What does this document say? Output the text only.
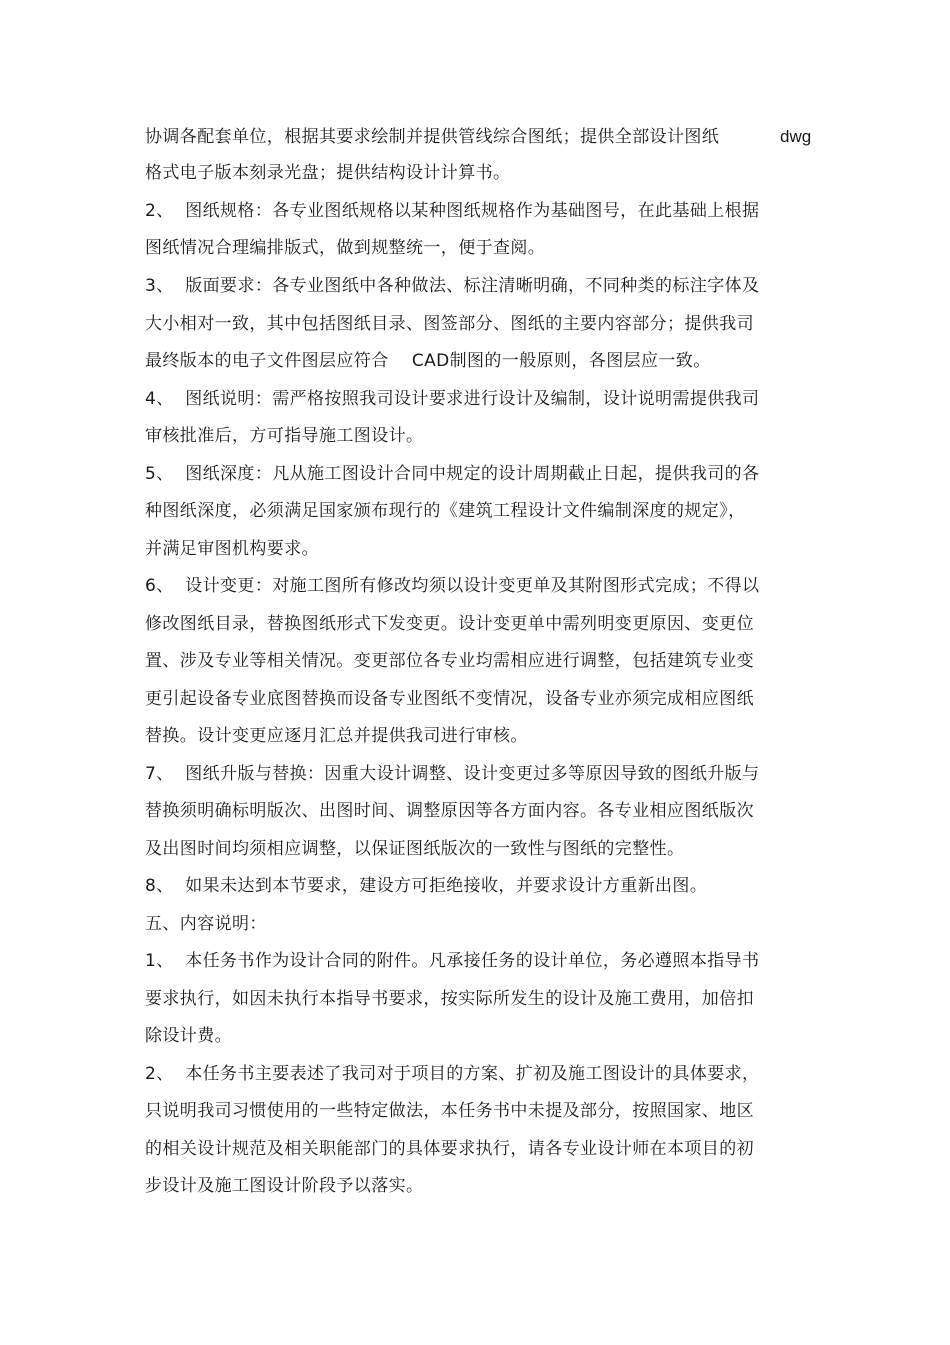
协调各配套单位，根据其要求绘制并提供管线综合图纸；提供全部设计图纸	dwg
格式电子版本刻录光盘；提供结构设计计算书。
2、  图纸规格：各专业图纸规格以某种图纸规格作为基础图号，在此基础上根据
图纸情况合理编排版式，做到规整统一，便于查阅。
3、  版面要求：各专业图纸中各种做法、标注清晰明确，不同种类的标注字体及
大小相对一致，其中包括图纸目录、图签部分、图纸的主要内容部分；提供我司
最终版本的电子文件图层应符合    CAD制图的一般原则，各图层应一致。
4、  图纸说明：需严格按照我司设计要求进行设计及编制，设计说明需提供我司
审核批准后，方可指导施工图设计。
5、  图纸深度：凡从施工图设计合同中规定的设计周期截止日起，提供我司的各
种图纸深度，必须满足国家颁布现行的《建筑工程设计文件编制深度的规定》，
并满足审图机构要求。
6、  设计变更：对施工图所有修改均须以设计变更单及其附图形式完成；不得以
修改图纸目录，替换图纸形式下发变更。设计变更单中需列明变更原因、变更位
置、涉及专业等相关情况。变更部位各专业均需相应进行调整，包括建筑专业变
更引起设备专业底图替换而设备专业图纸不变情况，设备专业亦须完成相应图纸
替换。设计变更应逐月汇总并提供我司进行审核。
7、  图纸升版与替换：因重大设计调整、设计变更过多等原因导致的图纸升版与
替换须明确标明版次、出图时间、调整原因等各方面内容。各专业相应图纸版次
及出图时间均须相应调整，以保证图纸版次的一致性与图纸的完整性。
8、  如果未达到本节要求，建设方可拒绝接收，并要求设计方重新出图。
五、内容说明：
1、  本任务书作为设计合同的附件。凡承接任务的设计单位，务必遵照本指导书
要求执行，如因未执行本指导书要求，按实际所发生的设计及施工费用，加倍扣
除设计费。
2、  本任务书主要表述了我司对于项目的方案、扩初及施工图设计的具体要求，
只说明我司习惯使用的一些特定做法，本任务书中未提及部分，按照国家、地区
的相关设计规范及相关职能部门的具体要求执行，请各专业设计师在本项目的初
步设计及施工图设计阶段予以落实。
